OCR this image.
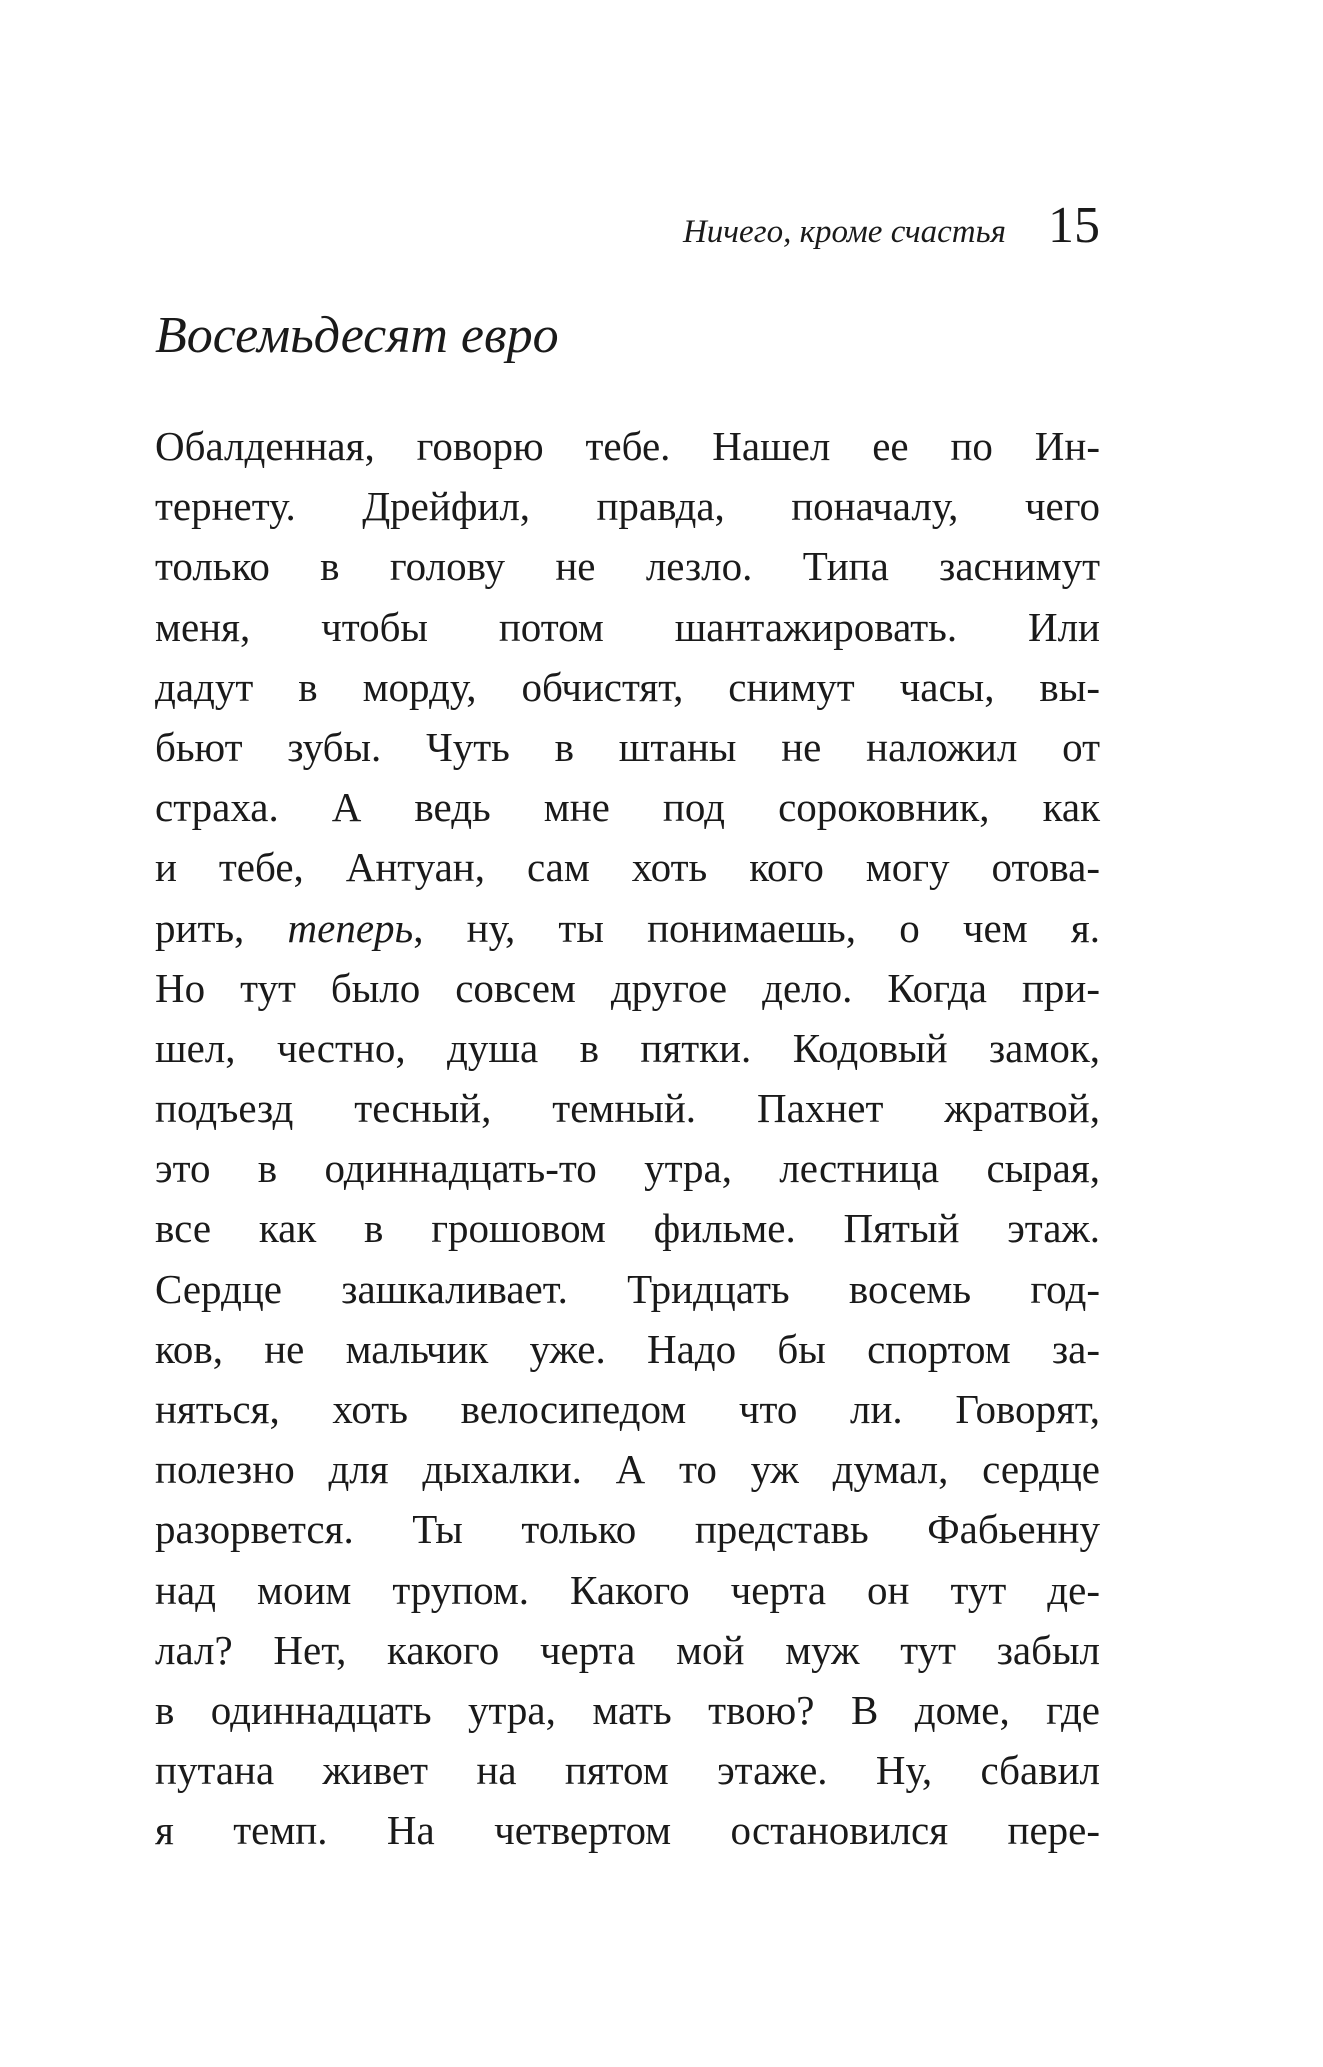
Ничего, кроме счастья 15
Восемьдесят евро
Обалденная, говорю тебе. Нашел ее по Ин-
тернету. Дрейфил, правда, поначалу, чего
только в голову не лезло. Типа заснимут
меня, чтобы потом шантажировать. Или
дадут в морду, обчистят, снимут часы, вы-
бьют зубы. Чуть в штаны не наложил от
страха. А ведь мне под сороковник, как
и тебе, Антуан, сам хоть кого могу отова-
рить, теперь, ну, ты понимаешь, о чем я.
Но тут было совсем другое дело. Когда при-
шел, честно, душа в пятки. Кодовый замок,
подъезд тесный, темный. Пахнет жратвой,
это в одиннадцать-то утра, лестница сырая,
все как в грошовом фильме. Пятый этаж.
Сердце зашкаливает. Тридцать восемь год-
ков, не мальчик уже. Надо бы спортом за-
няться, хоть велосипедом что ли. Говорят,
полезно для дыхалки. А то уж думал, сердце
разорвется. Ты только представь Фабьенну
над моим трупом. Какого черта он тут де-
лал? Нет, какого черта мой муж тут забыл
в одиннадцать утра, мать твою? В доме, где
путана живет на пятом этаже. Ну, сбавил
я темп. На четвертом остановился пере-
